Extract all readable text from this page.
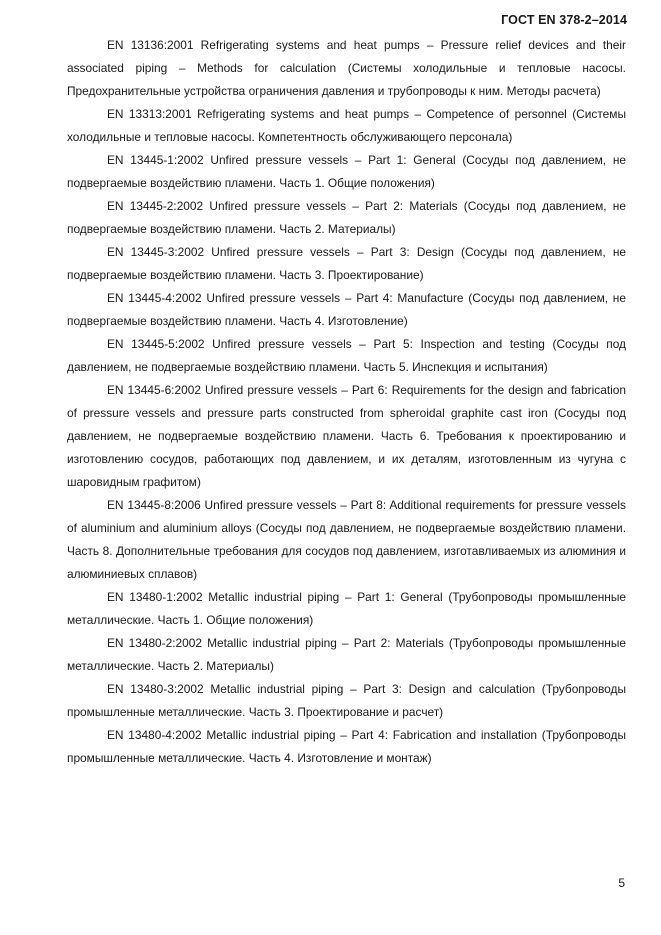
ГОСТ EN 378-2–2014

EN 13136:2001 Refrigerating systems and heat pumps – Pressure relief devices and their associated piping – Methods for calculation (Системы холодильные и тепловые насосы. Предохранительные устройства ограничения давления и трубопроводы к ним. Методы расчета)

EN 13313:2001 Refrigerating systems and heat pumps – Competence of personnel (Системы холодильные и тепловые насосы. Компетентность обслуживающего персонала)

EN 13445-1:2002 Unfired pressure vessels – Part 1: General (Сосуды под давлением, не подвергаемые воздействию пламени. Часть 1. Общие положения)

EN 13445-2:2002 Unfired pressure vessels – Part 2: Materials (Сосуды под давлением, не подвергаемые воздействию пламени. Часть 2. Материалы)

EN 13445-3:2002 Unfired pressure vessels – Part 3: Design (Сосуды под давлением, не подвергаемые воздействию пламени. Часть 3. Проектирование)

EN 13445-4:2002 Unfired pressure vessels – Part 4: Manufacture (Сосуды под давлением, не подвергаемые воздействию пламени. Часть 4. Изготовление)

EN 13445-5:2002 Unfired pressure vessels – Part 5: Inspection and testing (Сосуды под давлением, не подвергаемые воздействию пламени. Часть 5. Инспекция и испытания)

EN 13445-6:2002 Unfired pressure vessels – Part 6: Requirements for the design and fabrication of pressure vessels and pressure parts constructed from spheroidal graphite cast iron (Сосуды под давлением, не подвергаемые воздействию пламени. Часть 6. Требования к проектированию и изготовлению сосудов, работающих под давлением, и их деталям, изготовленным из чугуна с шаровидным графитом)

EN 13445-8:2006 Unfired pressure vessels – Part 8: Additional requirements for pressure vessels of aluminium and aluminium alloys (Сосуды под давлением, не подвергаемые воздействию пламени. Часть 8. Дополнительные требования для сосудов под давлением, изготавливаемых из алюминия и алюминиевых сплавов)

EN 13480-1:2002 Metallic industrial piping – Part 1: General (Трубопроводы промышленные металлические. Часть 1. Общие положения)

EN 13480-2:2002 Metallic industrial piping – Part 2: Materials (Трубопроводы промышленные металлические. Часть 2. Материалы)

EN 13480-3:2002 Metallic industrial piping – Part 3: Design and calculation (Трубопроводы промышленные металлические. Часть 3. Проектирование и расчет)

EN 13480-4:2002 Metallic industrial piping – Part 4: Fabrication and installation (Трубопроводы промышленные металлические. Часть 4. Изготовление и монтаж)

5
